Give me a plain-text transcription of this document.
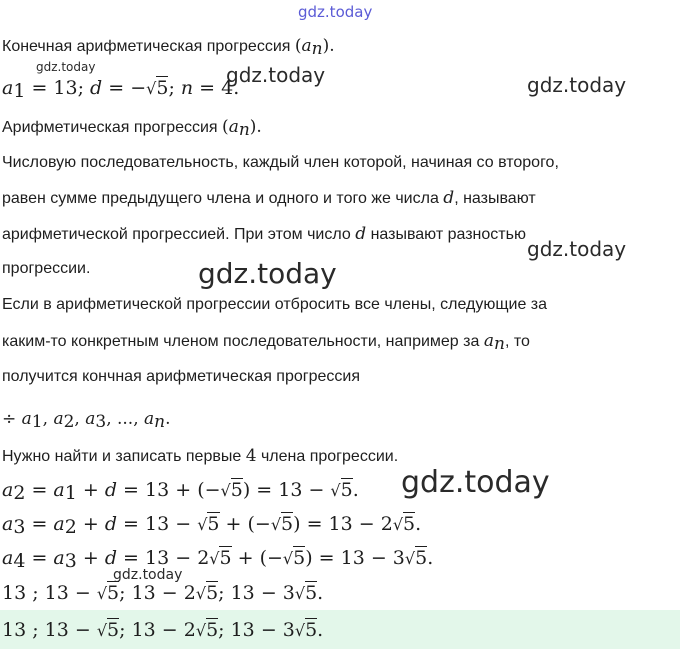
gdz.today
gdz.today	gdz.today	gdz.today
gdz.today
gdz.today
gdz.today
gdz.today
Конечная арифметическая прогрессия $(a_n)$.
$a_1 = 13$; d = −√5; n = 4.
Арифметическая прогрессия $(a_n)$.
Числовую последовательность, каждый член которой, начиная со второго,
равен сумме предыдущего члена и одного и того же числа d, называют
арифметической прогрессией. При этом число d называют разностью
прогрессии.
Если в арифметической прогрессии отбросить все члены, следующие за
каким-то конкретным членом последовательности, например за $a_n$, то
получится кончная арифметическая прогрессия
÷ $a_1$, $a_2$, $a_3$, ..., $a_n$.
Нужно найти и записать первые 4 члена прогрессии.
$a_2 = a_1 + d = 13 + (-√5) = 13 - √5$.
$a_3 = a_2 + d = 13 - √5 + (-√5) = 13 - 2√5$.
$a_4 = a_3 + d = 13 - 2√5 + (-√5) = 13 - 3√5$.
13 ; 13 − √5; 13 − 2√5; 13 − 3√5.
13 ; 13 − √5; 13 − 2√5; 13 − 3√5.
